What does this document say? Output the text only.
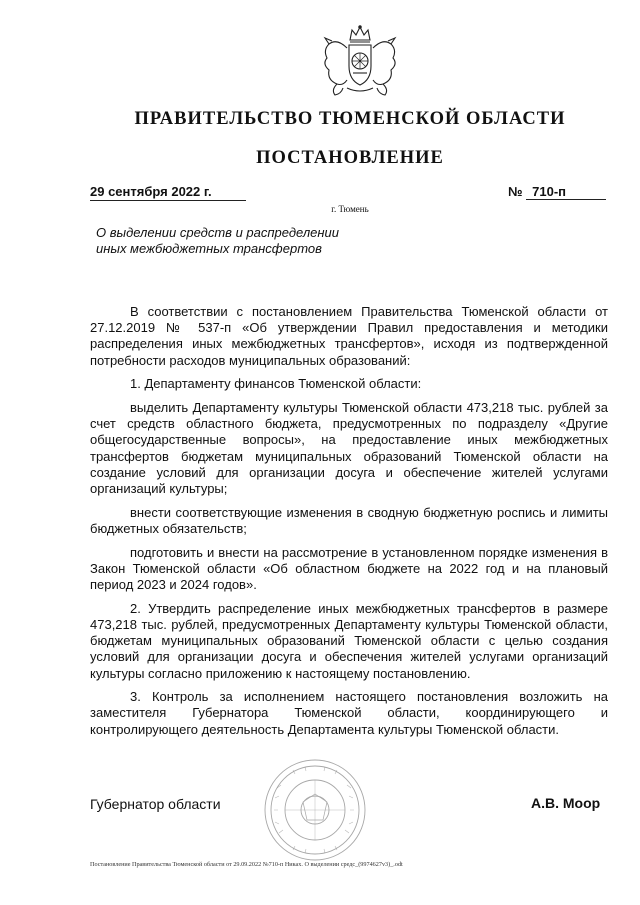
ПРАВИТЕЛЬСТВО ТЮМЕНСКОЙ ОБЛАСТИ
ПОСТАНОВЛЕНИЕ
29 сентября 2022 г.	№ 710-п
г. Тюмень
О выделении средств и распределении
иных межбюджетных трансфертов

В соответствии с постановлением Правительства Тюменской области от 27.12.2019 № 537-п «Об утверждении Правил предоставления и методики распределения иных межбюджетных трансфертов», исходя из подтвержденной потребности расходов муниципальных образований:

1. Департаменту финансов Тюменской области:

выделить Департаменту культуры Тюменской области 473,218 тыс. рублей за счет средств областного бюджета, предусмотренных по подразделу «Другие общегосударственные вопросы», на предоставление иных межбюджетных трансфертов бюджетам муниципальных образований Тюменской области на создание условий для организации досуга и обеспечение жителей услугами организаций культуры;

внести соответствующие изменения в сводную бюджетную роспись и лимиты бюджетных обязательств;

подготовить и внести на рассмотрение в установленном порядке изменения в Закон Тюменской области «Об областном бюджете на 2022 год и на плановый период 2023 и 2024 годов».

2. Утвердить распределение иных межбюджетных трансфертов в размере 473,218 тыс. рублей, предусмотренных Департаменту культуры Тюменской области, бюджетам муниципальных образований Тюменской области с целью создания условий для организации досуга и обеспечения жителей услугами организаций культуры согласно приложению к настоящему постановлению.

3. Контроль за исполнением настоящего постановления возложить на заместителя Губернатора Тюменской области, координирующего и контролирующего деятельность Департамента культуры Тюменской области.

Губернатор области	А.В. Моор
Постановление Правительства Тюменской области от 29.09.2022 №710-п Никах. О выделении средс_(9974627v3)_.odt
